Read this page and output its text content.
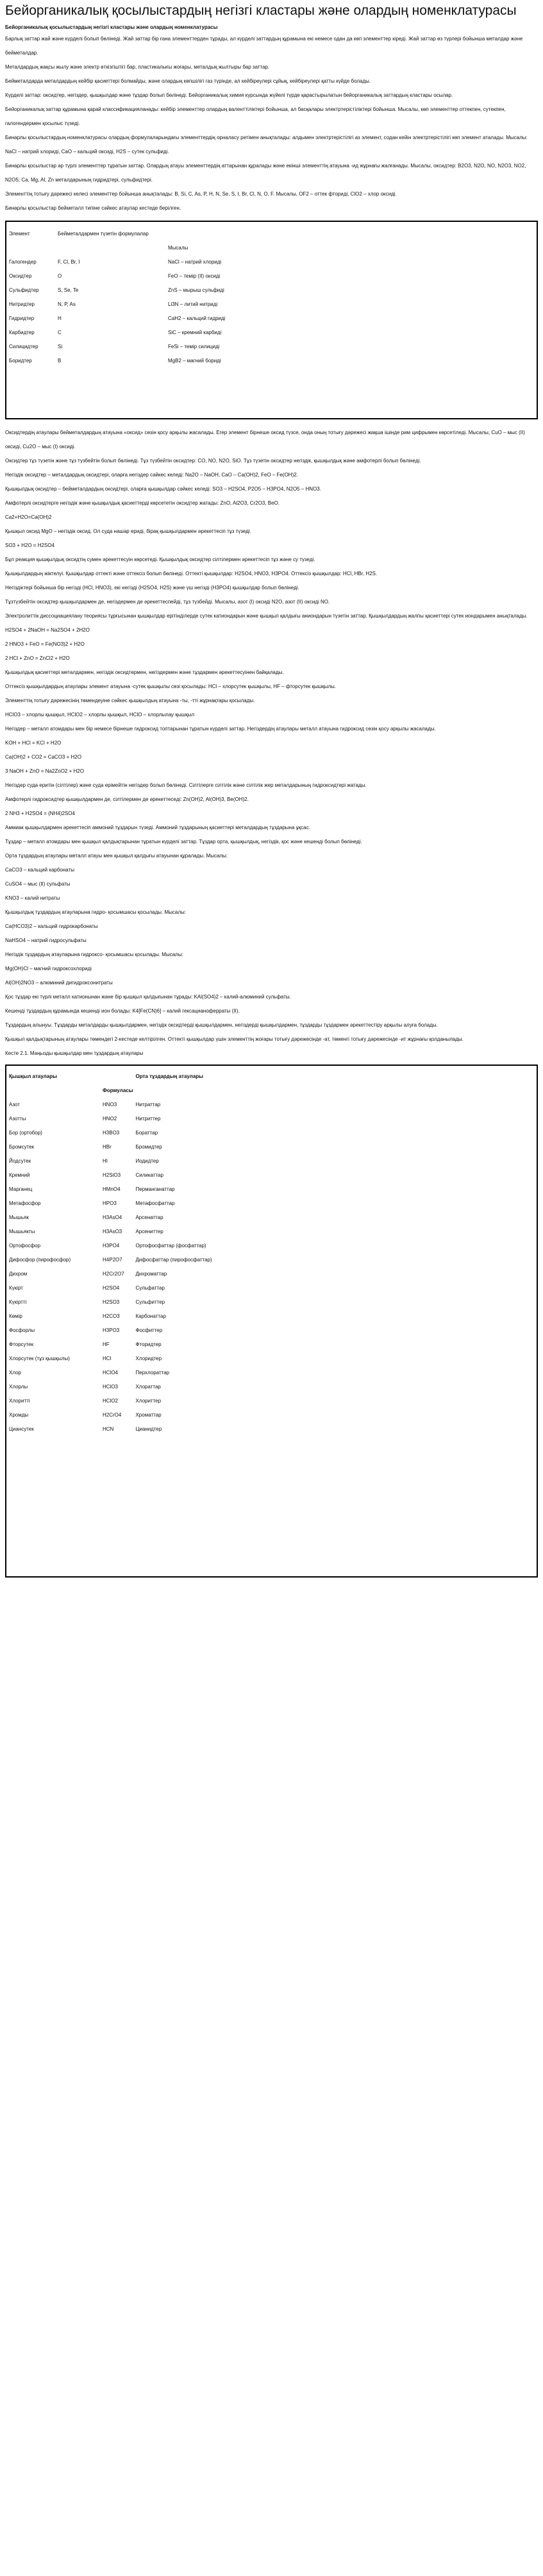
Бейорганикалық қосылыстардың негізгі кластары және олардың номенклатурасы

Бейорганикалық қосылыстардың негізгі кластары және олардың номенклатурасы

Барлық заттар жай және күрделі болып бөлінеді. Жай заттар бір ғана элементтерден тұрады, ал күрделі заттардың құрамына екі немесе одан да көп элементтер кіреді. Жай заттар өз түрлері бойынша металдар және бейметалдар.

Металдардың жақсы жылу және электр өткізгіштігі бар, пластикалығы жоғары, металдық жылтыры бар заттар.

Бейметалдарда металдардың кейбір қасиеттері болмайды, және олардың көпшілігі газ түрінде, ал кейбіреулері сұйық, кейбіреулері қатты күйде болады.

Күрделі заттар: оксидтер, негіздер, қышқылдар және тұздар болып бөлінеді. Бейорганикалық химия курсында жүйелі түрде қарастырылатын бейорганикалық заттардың кластары осылар.

Бейорганикалық заттар құрамына қарай классификацияланады: кейбір элементтер олардың валенттіліктері бойынша, ал басқалары электртерістіліктері бойынша. Мысалы, көп элементтер оттекпен, сутекпен, галогендермен қосылыс түзеді.

Бинарлы қосылыстардың номенклатурасы олардың формулаларындағы элементтердің орналасу ретімен анықталады: алдымен электртерістілігі аз элемент, содан кейін электртерістілігі көп элемент аталады. Мысалы: NaCl – натрий хлориді, CaO – кальций оксиді, H2S – сутек сульфиді.

Бинарлы қосылыстар әр түрлі элементтер тұратын заттар. Олардың атауы элементтердің аттарынан құралады және екінші элементтің атауына -ид жұрнағы жалғанады. Мысалы, оксидтер: B2O3, N2O, NO, N2O3, NO2, N2O5; Ca, Mg, Al, Zn металдарының гидридтері, сульфидтері.

Элементтің тотығу дәрежесі келесі элементтер бойынша анықталады: B, Si, C, As, P, H, N, Se, S, I, Br, Cl, N, O, F. Мысалы, OF2 – оттек фториді, ClO2 – хлор оксиді.

Бинарлы қосылыстар бейметалл типіне сәйкес атаулар кестеде берілген.

Элемент	Бейметалдармен түзетін формулалар	
		Мысалы
Галогендер	F, Cl, Br, I	NaCl – натрий хлориді
Оксидтер	O	FeO – темір (II) оксиді
Сульфидтер	S, Se, Te	ZnS – мырыш сульфиді
Нитридтер	N, P, As	Li3N – литий нитриді
Гидридтер	H	CaH2 – кальций гидриді
Карбидтер	C	SiC – кремний карбиді
Силицидтер	Si	FeSi – темір силициді
Боридтер	B	MgB2 – магний бориді

Оксидтердің атаулары бейметалдардың атауына «оксид» сөзін қосу арқылы жасалады. Егер элемент бірнеше оксид түзсе, онда оның тотығу дәрежесі жақша ішінде рим цифрымен көрсетіледі. Мысалы, CuO – мыс (II) оксиді, Cu2O – мыс (I) оксиді.

Оксидтер тұз түзетін және тұз түзбейтін болып бөлінеді. Тұз түзбейтін оксидтер: CO, NO, N2O, SiO. Тұз түзетін оксидтер негіздік, қышқылдық және амфотерлі болып бөлінеді.

Негіздік оксидтер – металдардың оксидтері, оларға негіздер сәйкес келеді: Na2O – NaOH, CaO – Ca(OH)2, FeO – Fe(OH)2.

Қышқылдық оксидтер – бейметалдардың оксидтері, оларға қышқылдар сәйкес келеді: SO3 – H2SO4, P2O5 – H3PO4, N2O5 – HNO3.

Амфотерлі оксидтерге негіздік және қышқылдық қасиеттерді көрсететін оксидтер жатады: ZnO, Al2O3, Cr2O3, BeO.

Ca2+H2O=Ca(OH)2

Қышқыл оксид MgO – негіздік оксид. Ол суда нашар ериді, бірақ қышқылдармен әрекеттесіп тұз түзеді.

SO3 + H2O = H2SO4

Бұл реакция қышқылдық оксидтің сумен әрекеттесуін көрсетеді. Қышқылдық оксидтер сілтілермен әрекеттесіп тұз және су түзеді.

Қышқылдардың жіктелуі. Қышқылдар оттекті және оттексіз болып бөлінеді. Оттекті қышқылдар: H2SO4, HNO3, H3PO4. Оттексіз қышқылдар: HCl, HBr, H2S.

Негіздіктері бойынша бір негізді (HCl, HNO3), екі негізді (H2SO4, H2S) және үш негізді (H3PO4) қышқылдар болып бөлінеді.

Тұзтүзбейтін оксидтер қышқылдармен де, негіздермен де әрекеттеспейді, тұз түзбейді. Мысалы, азот (I) оксиді N2O, азот (II) оксиді NO.

Электролиттік диссоциациялану теориясы тұрғысынан қышқылдар ерітінділерде сутек катиондарын және қышқыл қалдығы аниондарын түзетін заттар. Қышқылдардың жалпы қасиеттері сутек иондарымен анықталады.

H2SO4 + 2NaOH = Na2SO4 + 2H2O

2 HNO3 + FeO = Fe(NO3)2 + H2O

2 HCl + ZnO = ZnCl2 + H2O

Қышқылдық қасиеттері металдармен, негіздік оксидтермен, негіздермен және тұздармен әрекеттесуінен байқалады.

Оттексіз қышқылдардың атаулары элемент атауына -сутек қышқылы сөзі қосылады: HCl – хлорсутек қышқылы, HF – фторсутек қышқылы.

Элементтің тотығу дәрежесінің төмендеуіне сәйкес қышқылдың атауына -ты, -тті жұрнақтары қосылады.

HClO3 – хлорлы қышқыл, HClO2 – хлорлы қышқыл, HClO – хлорлылау қышқыл

Негіздер – металл атомдары мен бір немесе бірнеше гидроксид топтарынан тұратын күрделі заттар. Негіздердің атаулары металл атауына гидроксид сөзін қосу арқылы жасалады.

KOH + HCl = KCl + H2O

Ca(OH)2 + CO2 = CaCO3 + H2O

3 NaOH + ZnO = Na2ZnO2 + H2O

Негіздер суда еритін (сілтілер) және суда ерімейтін негіздер болып бөлінеді. Сілтілерге сілтілік және сілтілік жер металдарының гидроксидтері жатады.

Амфотерлі гидроксидтер қышқылдармен де, сілтілермен де әрекеттеседі: Zn(OH)2, Al(OH)3, Be(OH)2.

2 NH3 + H2SO4 = (NH4)2SO4

Аммиак қышқылдармен әрекеттесіп аммоний тұздарын түзеді. Аммоний тұздарының қасиеттері металдардың тұздарына ұқсас.

Тұздар – металл атомдары мен қышқыл қалдықтарынан тұратын күрделі заттар. Тұздар орта, қышқылдық, негіздік, қос және кешенді болып бөлінеді.

Орта тұздардың атаулары металл атауы мен қышқыл қалдығы атауынан құралады. Мысалы:

CaCO3 – кальций карбонаты

CuSO4 – мыс (II) сульфаты

KNO3 – калий нитраты

Қышқылдық тұздардың атауларына гидро- қосымшасы қосылады. Мысалы:

Ca(HCO3)2 – кальций гидрокарбонаты

NaHSO4 – натрий гидросульфаты

Негіздік тұздардың атауларына гидроксо- қосымшасы қосылады. Мысалы:

Mg(OH)Cl – магний гидроксохлориді

Al(OH)2NO3 – алюминий дигидроксонитраты

Қос тұздар екі түрлі металл катионынан және бір қышқыл қалдығынан тұрады: KAl(SO4)2 – калий-алюминий сульфаты.

Кешенді тұздардың құрамында кешенді ион болады: K4[Fe(CN)6] – калий гексацианоферраты (II).

Тұздардың алынуы. Тұздарды металдарды қышқылдармен, негіздік оксидтерді қышқылдармен, негіздерді қышқылдармен, тұздарды тұздармен әрекеттестіру арқылы алуға болады.

Қышқыл қалдықтарының атаулары төмендегі 2-кестеде келтірілген. Оттекті қышқылдар үшін элементтің жоғары тотығу дәрежесінде -ат, төменгі тотығу дәрежесінде -ит жұрнағы қолданылады.

Кесте 2.1. Маңызды қышқылдар мен тұздардың атаулары

Қышқыл атаулары		Орта тұздардың атаулары
	Формуласы	
Азот	HNO3	Нитраттар
Азотты	HNO2	Нитриттер
Бор (ортобор)	H3BO3	Бораттар
Бромсутек	HBr	Бромидтер
Йодсутек	HI	Иодидтер
Кремний	H2SiO3	Силикаттар
Марганец	HMnO4	Перманганаттар
Метафосфор	HPO3	Метафосфаттар
Мышьяк	H3AsO4	Арсенаттар
Мышьякты	H3AsO3	Арсениттер
Ортофосфор	H3PO4	Ортофосфаттар (фосфаттар)
Дифосфор (пирофосфор)	H4P2O7	Дифосфаттар (пирофосфаттар)
Дихром	H2Cr2O7	Дихроматтар
Күкірт	H2SO4	Сульфаттар
Күкіртті	H2SO3	Сульфиттер
Көмір	H2CO3	Карбонаттар
Фосфорлы	H3PO3	Фосфиттер
Фторсутек	HF	Фторидтер
Хлорсутек (тұз қышқылы)	HCl	Хлоридтер
Хлор	HClO4	Перхлораттар
Хлорлы	HClO3	Хлораттар
Хлоритті	HClO2	Хлориттер
Хромды	H2CrO4	Хроматтар
Циансутек	HCN	Цианидтер
